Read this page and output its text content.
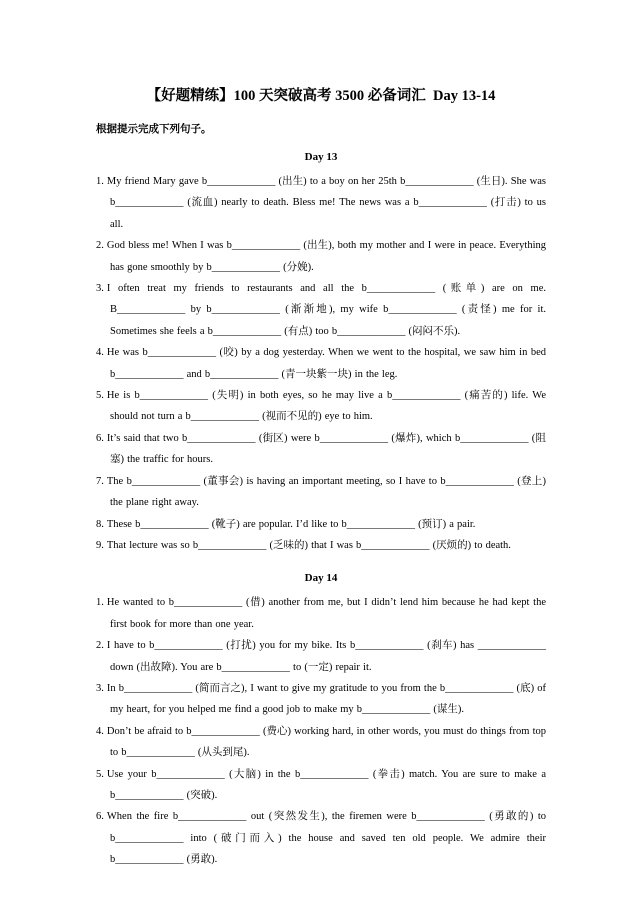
【好题精练】100 天突破高考 3500 必备词汇  Day 13-14
根据提示完成下列句子。
Day 13

1. My friend Mary gave b_____________ (出生) to a boy on her 25th b_____________ (生日). She was b_____________ (流血) nearly to death. Bless me! The news was a b_____________ (打击) to us all.

2. God bless me! When I was b_____________ (出生), both my mother and I were in peace. Everything has gone smoothly by b_____________ (分娩).

3. I often treat my friends to restaurants and all the b_____________ (账单) are on me. B_____________ by b_____________ (渐渐地), my wife b_____________ (责怪) me for it. Sometimes she feels a b_____________ (有点) too b_____________ (闷闷不乐).

4. He was b_____________ (咬) by a dog yesterday. When we went to the hospital, we saw him in bed b_____________ and b_____________ (青一块紫一块) in the leg.

5. He is b_____________ (失明) in both eyes, so he may live a b_____________ (痛苦的) life. We should not turn a b_____________ (视而不见的) eye to him.

6. It’s said that two b_____________ (街区) were b_____________ (爆炸), which b_____________ (阻塞) the traffic for hours.

7. The b_____________ (董事会) is having an important meeting, so I have to b_____________ (登上) the plane right away.

8. These b_____________ (靴子) are popular. I’d like to b_____________ (预订) a pair.

9. That lecture was so b_____________ (乏味的) that I was b_____________ (厌烦的) to death.

Day 14

1. He wanted to b_____________ (借) another from me, but I didn’t lend him because he had kept the first book for more than one year.

2. I have to b_____________ (打扰) you for my bike. Its b_____________ (刹车) has _____________ down (出故障). You are b_____________ to (一定) repair it.

3. In b_____________ (简而言之), I want to give my gratitude to you from the b_____________ (底) of my heart, for you helped me find a good job to make my b_____________ (谋生).

4. Don’t be afraid to b_____________ (费心) working hard, in other words, you must do things from top to b_____________ (从头到尾).

5. Use your b_____________ (大脑) in the b_____________ (拳击) match. You are sure to make a b_____________ (突破).

6. When the fire b_____________ out (突然发生), the firemen were b_____________ (勇敢的) to b_____________ into (破门而入) the house and saved ten old people. We admire their b_____________ (勇敢).
